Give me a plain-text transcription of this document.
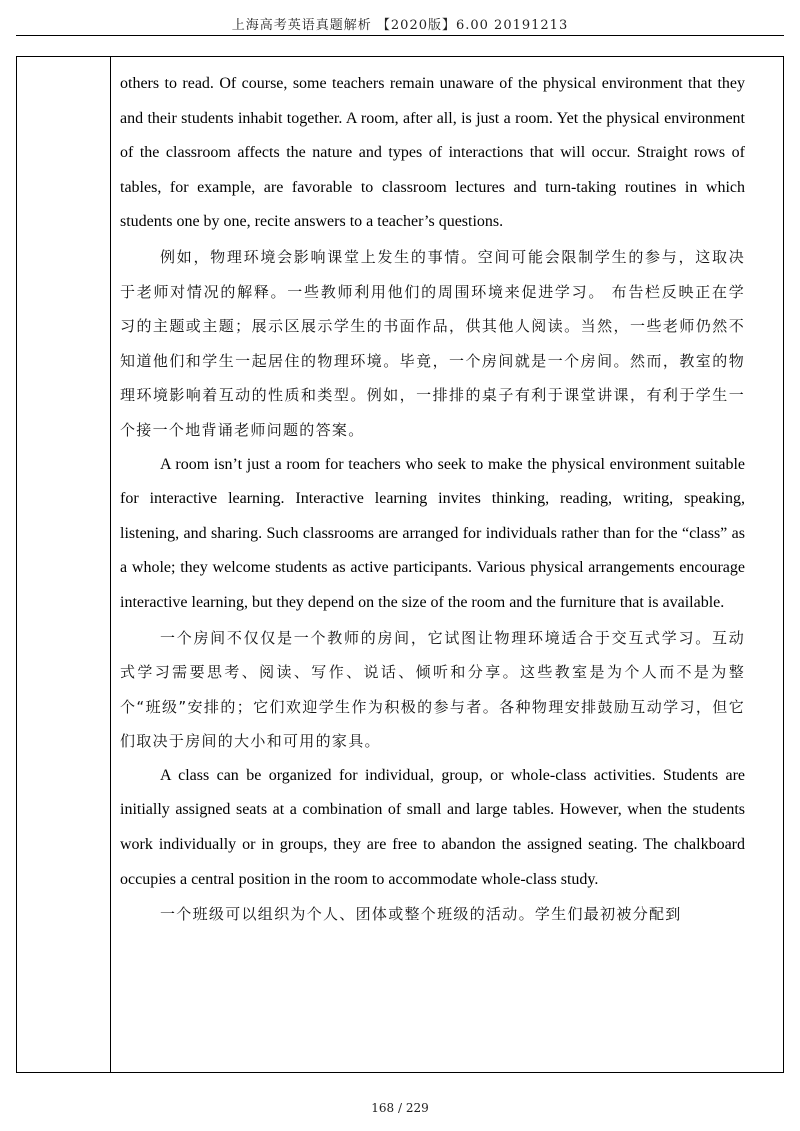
上海高考英语真题解析 【2020版】6.00 20191213

others to read. Of course, some teachers remain unaware of the physical environment that they and their students inhabit together. A room, after all, is just a room. Yet the physical environment of the classroom affects the nature and types of interactions that will occur. Straight rows of tables, for example, are favorable to classroom lectures and turn-taking routines in which students one by one, recite answers to a teacher’s questions.

例如，物理环境会影响课堂上发生的事情。空间可能会限制学生的参与，这取决于老师对情况的解释。一些教师利用他们的周围环境来促进学习。 布告栏反映正在学习的主题或主题；展示区展示学生的书面作品，供其他人阅读。当然，一些老师仍然不知道他们和学生一起居住的物理环境。毕竟，一个房间就是一个房间。然而，教室的物理环境影响着互动的性质和类型。例如，一排排的桌子有利于课堂讲课，有利于学生一个接一个地背诵老师问题的答案。

A room isn’t just a room for teachers who seek to make the physical environment suitable for interactive learning. Interactive learning invites thinking, reading, writing, speaking, listening, and sharing. Such classrooms are arranged for individuals rather than for the “class” as a whole; they welcome students as active participants. Various physical arrangements encourage interactive learning, but they depend on the size of the room and the furniture that is available.

一个房间不仅仅是一个教师的房间，它试图让物理环境适合于交互式学习。互动式学习需要思考、阅读、写作、说话、倾听和分享。这些教室是为个人而不是为整个“班级”安排的；它们欢迎学生作为积极的参与者。各种物理安排鼓励互动学习，但它们取决于房间的大小和可用的家具。

A class can be organized for individual, group, or whole-class activities. Students are initially assigned seats at a combination of small and large tables. However, when the students work individually or in groups, they are free to abandon the assigned seating. The chalkboard occupies a central position in the room to accommodate whole-class study.

一个班级可以组织为个人、团体或整个班级的活动。学生们最初被分配到

168 / 229
